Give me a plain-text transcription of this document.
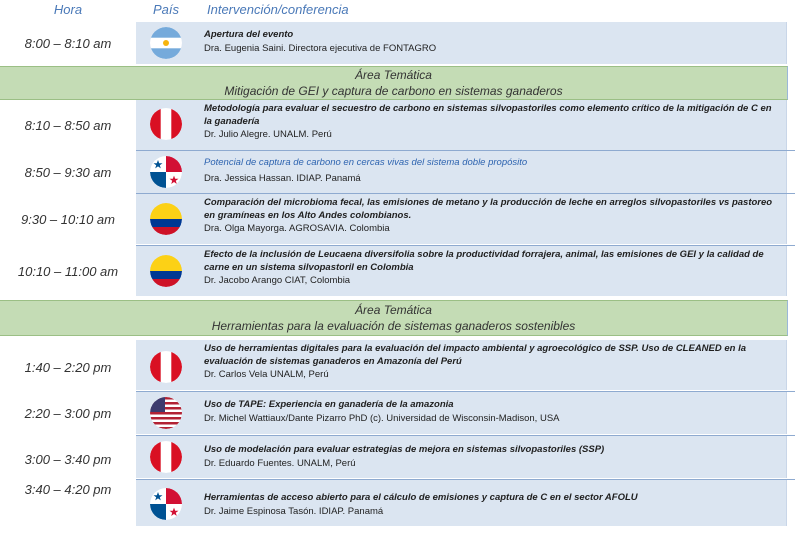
Hora	País Intervención/conferencia
8:00 – 8:10 am
Apertura del evento
Dra. Eugenia Saini. Directora ejecutiva de FONTAGRO
Área Temática
Mitigación de GEI y captura de carbono en sistemas ganaderos
8:10 – 8:50 am
Metodología para evaluar el secuestro de carbono en sistemas silvopastoriles como elemento crítico de la mitigación de C en la ganadería
Dr. Julio Alegre. UNALM. Perú
8:50 – 9:30 am
Potencial de captura de carbono en cercas vivas del sistema doble propósito
Dra. Jessica Hassan. IDIAP. Panamá
9:30 – 10:10 am
Comparación del microbioma fecal, las emisiones de metano y la producción de leche en arreglos silvopastoriles vs pastoreo en gramíneas en los Alto Andes colombianos.
Dra. Olga Mayorga. AGROSAVIA. Colombia
10:10 – 11:00 am
Efecto de la inclusión de Leucaena diversifolia sobre la productividad forrajera, animal, las emisiones de GEI y la calidad de carne en un sistema silvopastoril en Colombia
Dr. Jacobo Arango CIAT, Colombia
Área Temática
Herramientas para la evaluación de sistemas ganaderos sostenibles
1:40 – 2:20 pm
Uso de herramientas digitales para la evaluación del impacto ambiental y agroecológico de SSP. Uso de CLEANED en la evaluación de sistemas ganaderos en Amazonía del Perú
Dr. Carlos Vela UNALM, Perú
2:20 – 3:00 pm
Uso de TAPE: Experiencia en ganadería de la amazonia
Dr. Michel Wattiaux/Dante Pizarro PhD (c). Universidad de Wisconsin-Madison, USA
3:00 – 3:40 pm
Uso de modelación para evaluar estrategias de mejora en sistemas silvopastoriles (SSP)
Dr. Eduardo Fuentes. UNALM, Perú
3:40 – 4:20 pm
Herramientas de acceso abierto para el cálculo de emisiones y captura de C en el sector AFOLU
Dr. Jaime Espinosa Tasón. IDIAP. Panamá
